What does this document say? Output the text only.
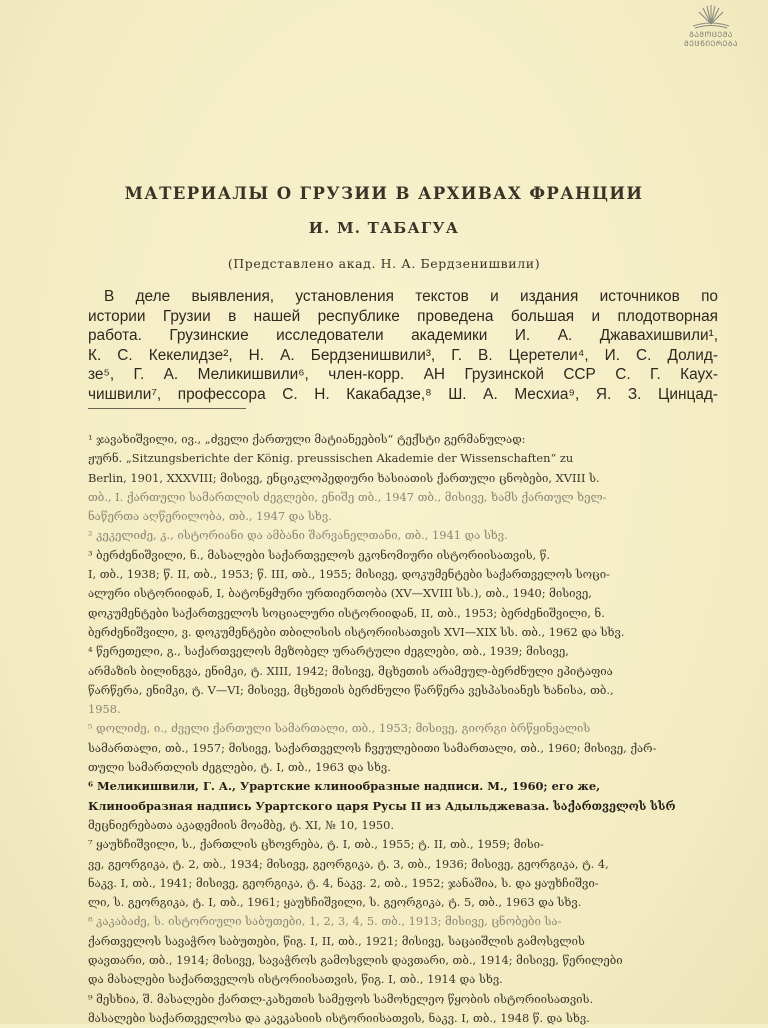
ᲒᲐᲛᲝᲪᲔᲛᲐ
ᲛᲔᲪᲜᲘᲔᲠᲔᲑᲐ
МАТЕРИАЛЫ О ГРУЗИИ В АРХИВАХ ФРАНЦИИ
И. М. ТАБАГУА
(Представлено акад. Н. А. Бердзенишвили)
В деле выявления, установления текстов и издания источников по
истории Грузии в нашей республике проведена большая и плодотворная
работа. Грузинские исследователи академики И. А. Джавахишвили¹,
К. С. Кекелидзе², Н. А. Бердзенишвили³, Г. В. Церетели⁴, И. С. Долид-
зе⁵, Г. А. Меликишвили⁶, член-корр. АН Грузинской ССР С. Г. Каух-
чишвили⁷, профессора С. Н. Какабадзе,⁸ Ш. А. Месхиа⁹, Я. З. Цинцад-
¹ ჯავახიშვილი, ივ., „ძველი ქართული მატიანეების“ ტექსტი გერმანულად:
ჟურნ. „Sitzungsberichte der König. preussischen Akademie der Wissenschaften“ zu
Berlin, 1901, XXXVIII; მისივე, ენციკლოპედიური ხასიათის ქართული ცნობები, XVIII ს.
თბ., I. ქართული სამართლის ძეგლები, ენიშე თბ., 1947 თბ., მისივე, ხამს ქართულ ხელ-
ნაწერთა აღწერილობა, თბ., 1947 და სხვ.
² კეკელიძე, კ., ისტორიანი და ამბანი შარვანელთანი, თბ., 1941 და სხვ.
³ ბერძენიშვილი, ნ., მასალები საქართველოს ეკონომიური ისტორიისათვის, წ.
I, თბ., 1938; წ. II, თბ., 1953; წ. III, თბ., 1955; მისივე, დოკუმენტები საქართველოს სოცი-
ალური ისტორიიდან, I, ბატონყმური ურთიერთობა (XV—XVIII სს.), თბ., 1940; მისივე,
დოკუმენტები საქართველოს სოციალური ისტორიიდან, II, თბ., 1953; ბერძენიშვილი, ნ.
ბერძენიშვილი, ვ. დოკუმენტები თბილისის ისტორიისათვის XVI—XIX სს. თბ., 1962 და სხვ.
⁴ წერეთელი, გ., საქართველოს მეზობელ ურარტული ძეგლები, თბ., 1939; მისივე,
არმაზის ბილინგვა, ენიმკი, ტ. XIII, 1942; მისივე, მცხეთის არამეულ-ბერძნული ეპიტაფია
წარწერა, ენიმკი, ტ. V—VI; მისივე, მცხეთის ბერძნული წარწერა ვესპასიანეს ხანისა, თბ.,
1958.
⁵ დოლიძე, ი., ძველი ქართული სამართალი, თბ., 1953; მისივე, გიორგი ბრწყინვალის
სამართალი, თბ., 1957; მისივე, საქართველოს ჩვეულებითი სამართალი, თბ., 1960; მისივე, ქარ-
თული სამართლის ძეგლები, ტ. I, თბ., 1963 და სხვ.
⁶ Меликишвили, Г. А., Урартские клинообразные надписи. М., 1960; его же,
Клинообразная надпись Урартского царя Русы II из Адыльджеваза. საქართველოს სსრ
მეცნიერებათა აკადემიის მოამბე, ტ. XI, № 10, 1950.
⁷ ყაუხჩიშვილი, ს., ქართლის ცხოვრება, ტ. I, თბ., 1955; ტ. II, თბ., 1959; მისი-
ვე, გეორგიკა, ტ. 2, თბ., 1934; მისივე, გეორგიკა, ტ. 3, თბ., 1936; მისივე, გეორგიკა, ტ. 4,
ნაკვ. I, თბ., 1941; მისივე, გეორგიკა, ტ. 4, ნაკვ. 2, თბ., 1952; ჯანაშია, ს. და ყაუხჩიშვი-
ლი, ს. გეორგიკა, ტ. I, თბ., 1961; ყაუხჩიშვილი, ს. გეორგიკა, ტ. 5, თბ., 1963 და სხვ.
⁸ კაკაბაძე, ს. ისტორიული საბუთები, 1, 2, 3, 4, 5. თბ., 1913; მისივე, ცნობები სა-
ქართველოს სავაჭრო საბუთები, წიგ. I, II, თბ., 1921; მისივე, საცაიშლის გამოსვლის
დავთარი, თბ., 1914; მისივე, სავაჭროს გამოსვლის დავთარი, თბ., 1914; მისივე, წერილები
და მასალები საქართველოს ისტორიისათვის, წიგ. I, თბ., 1914 და სხვ.
⁹ მესხია, შ. მასალები ქართლ-კახეთის სამეფოს სამოხელეო წყობის ისტორიისათვის.
მასალები საქართველოსა და კავკასიის ისტორიისათვის, ნაკვ. I, თბ., 1948 წ. და სხვ.
